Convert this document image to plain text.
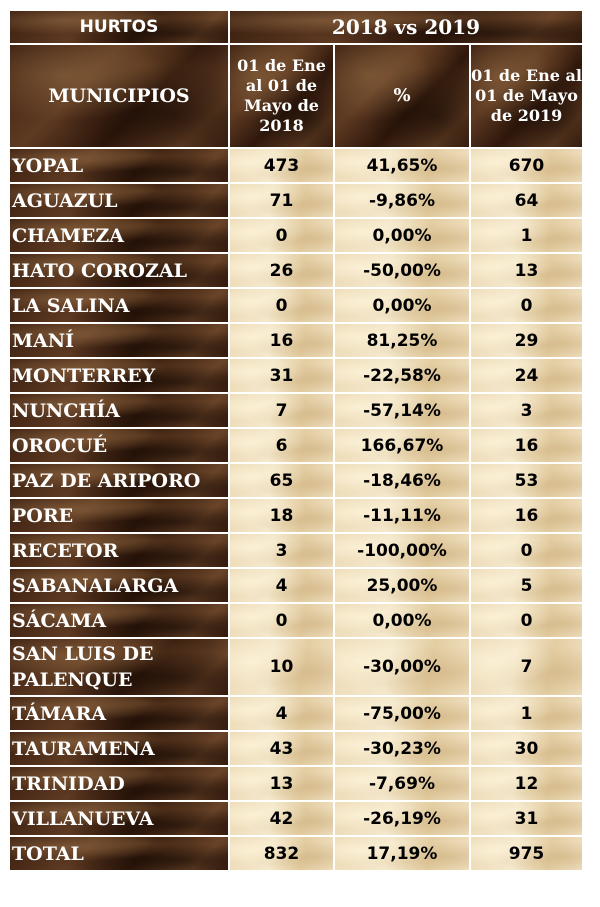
HURTOS	2018 vs 2019		
MUNICIPIOS	01 de Ene al 01 de Mayo de 2018	%	01 de Ene al 01 de Mayo de 2019
YOPAL	473	41,65%	670
AGUAZUL	71	-9,86%	64
CHAMEZA	0	0,00%	1
HATO COROZAL	26	-50,00%	13
LA SALINA	0	0,00%	0
MANÍ	16	81,25%	29
MONTERREY	31	-22,58%	24
NUNCHÍA	7	-57,14%	3
OROCUÉ	6	166,67%	16
PAZ DE ARIPORO	65	-18,46%	53
PORE	18	-11,11%	16
RECETOR	3	-100,00%	0
SABANALARGA	4	25,00%	5
SÁCAMA	0	0,00%	0
SAN LUIS DE PALENQUE	10	-30,00%	7
TÁMARA	4	-75,00%	1
TAURAMENA	43	-30,23%	30
TRINIDAD	13	-7,69%	12
VILLANUEVA	42	-26,19%	31
TOTAL	832	17,19%	975
